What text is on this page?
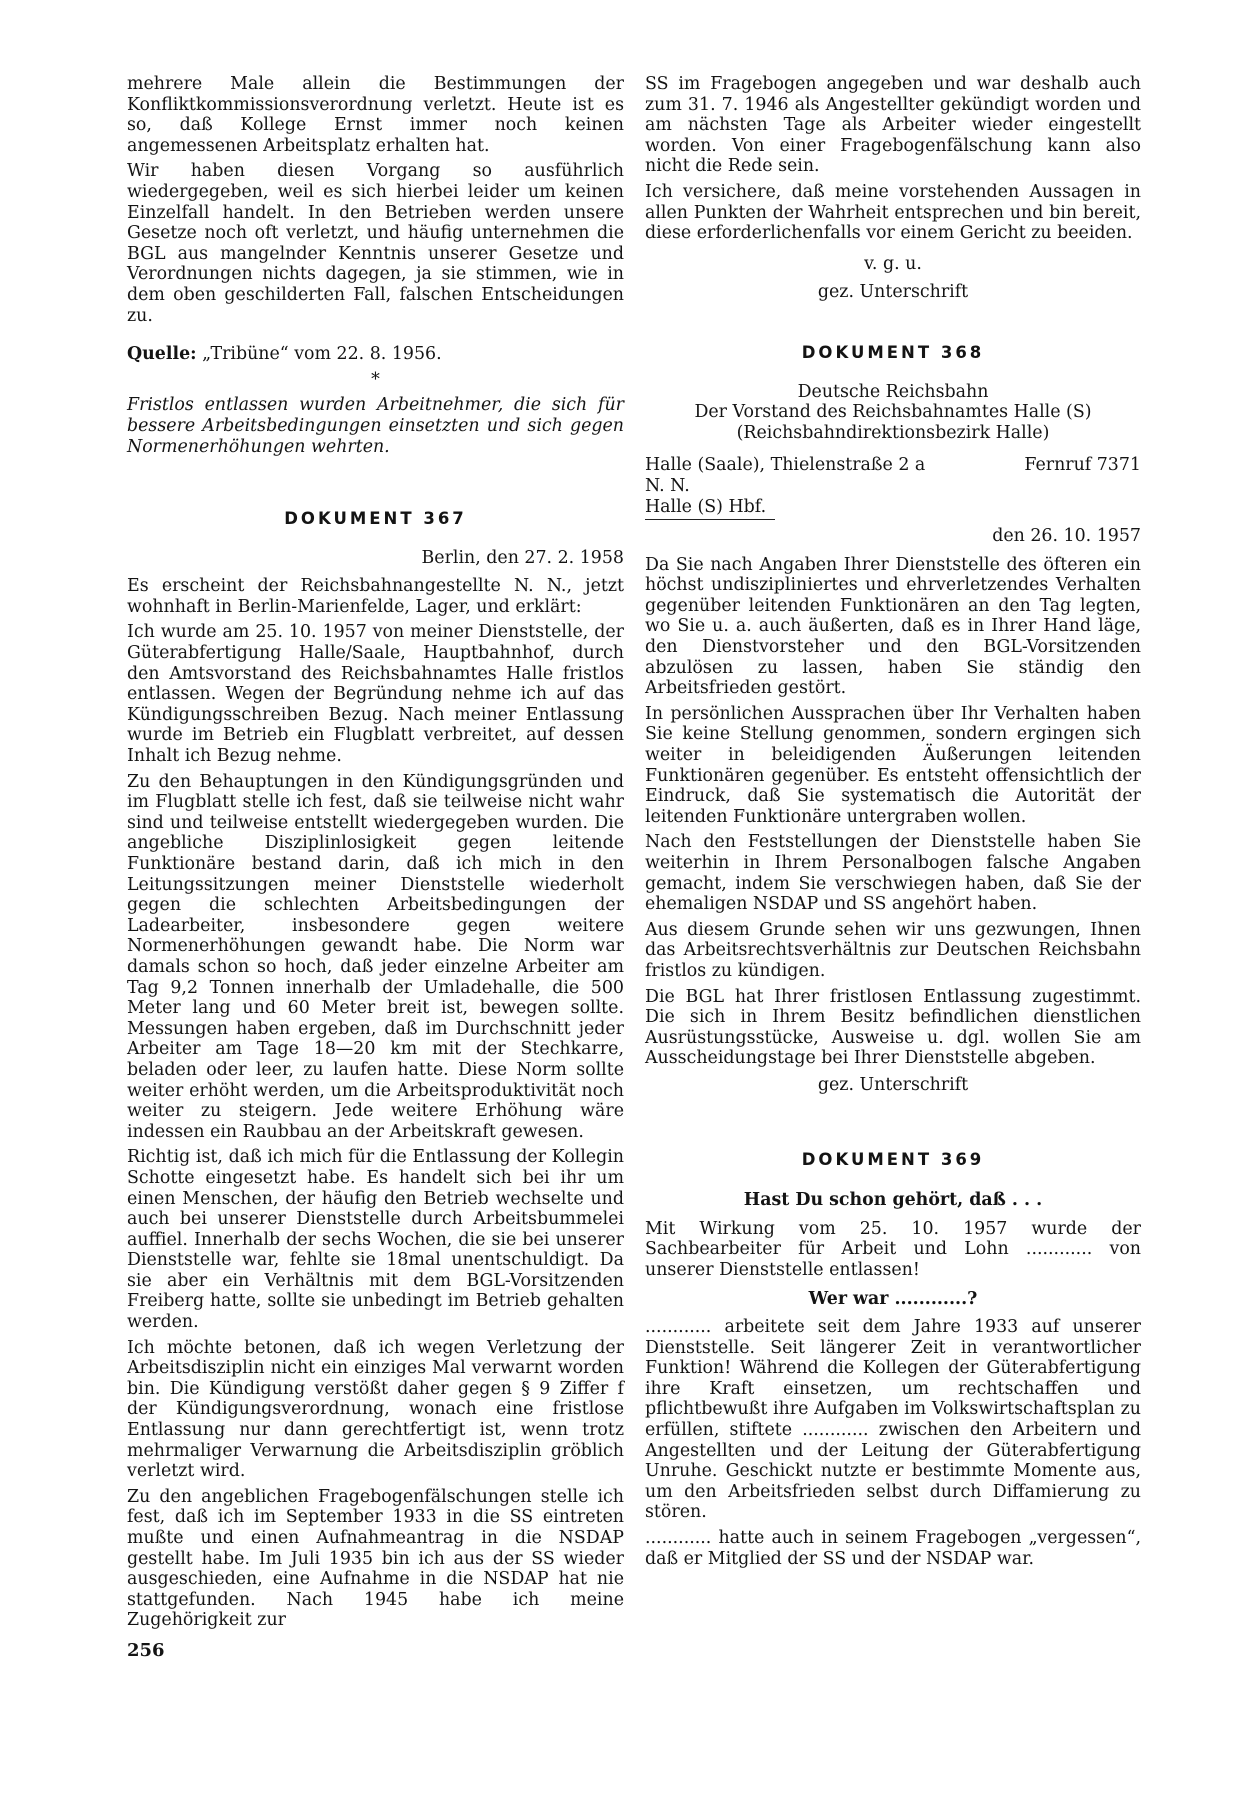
mehrere Male allein die Bestimmungen der Konfliktkommissionsverordnung verletzt. Heute ist es so, daß Kollege Ernst immer noch keinen angemessenen Arbeitsplatz erhalten hat.

Wir haben diesen Vorgang so ausführlich wiedergegeben, weil es sich hierbei leider um keinen Einzelfall handelt. In den Betrieben werden unsere Gesetze noch oft verletzt, und häufig unternehmen die BGL aus mangelnder Kenntnis unserer Gesetze und Verordnungen nichts dagegen, ja sie stimmen, wie in dem oben geschilderten Fall, falschen Entscheidungen zu.

Quelle: „Tribüne“ vom 22. 8. 1956.

*

Fristlos entlassen wurden Arbeitnehmer, die sich für bessere Arbeitsbedingungen einsetzten und sich gegen Normenerhöhungen wehrten.

DOKUMENT 367

Berlin, den 27. 2. 1958

Es erscheint der Reichsbahnangestellte N. N., jetzt wohnhaft in Berlin-Marienfelde, Lager, und erklärt:

Ich wurde am 25. 10. 1957 von meiner Dienststelle, der Güterabfertigung Halle/Saale, Hauptbahnhof, durch den Amtsvorstand des Reichsbahnamtes Halle fristlos entlassen. Wegen der Begründung nehme ich auf das Kündigungsschreiben Bezug. Nach meiner Entlassung wurde im Betrieb ein Flugblatt verbreitet, auf dessen Inhalt ich Bezug nehme.

Zu den Behauptungen in den Kündigungsgründen und im Flugblatt stelle ich fest, daß sie teilweise nicht wahr sind und teilweise entstellt wiedergegeben wurden. Die angebliche Disziplinlosigkeit gegen leitende Funktionäre bestand darin, daß ich mich in den Leitungssitzungen meiner Dienststelle wiederholt gegen die schlechten Arbeitsbedingungen der Ladearbeiter, insbesondere gegen weitere Normenerhöhungen gewandt habe. Die Norm war damals schon so hoch, daß jeder einzelne Arbeiter am Tag 9,2 Tonnen innerhalb der Umladehalle, die 500 Meter lang und 60 Meter breit ist, bewegen sollte. Messungen haben ergeben, daß im Durchschnitt jeder Arbeiter am Tage 18—20 km mit der Stechkarre, beladen oder leer, zu laufen hatte. Diese Norm sollte weiter erhöht werden, um die Arbeitsproduktivität noch weiter zu steigern. Jede weitere Erhöhung wäre indessen ein Raubbau an der Arbeitskraft gewesen.

Richtig ist, daß ich mich für die Entlassung der Kollegin Schotte eingesetzt habe. Es handelt sich bei ihr um einen Menschen, der häufig den Betrieb wechselte und auch bei unserer Dienststelle durch Arbeitsbummelei auffiel. Innerhalb der sechs Wochen, die sie bei unserer Dienststelle war, fehlte sie 18mal unentschuldigt. Da sie aber ein Verhältnis mit dem BGL-Vorsitzenden Freiberg hatte, sollte sie unbedingt im Betrieb gehalten werden.

Ich möchte betonen, daß ich wegen Verletzung der Arbeitsdisziplin nicht ein einziges Mal verwarnt worden bin. Die Kündigung verstößt daher gegen § 9 Ziffer f der Kündigungsverordnung, wonach eine fristlose Entlassung nur dann gerechtfertigt ist, wenn trotz mehrmaliger Verwarnung die Arbeitsdisziplin gröblich verletzt wird.

Zu den angeblichen Fragebogenfälschungen stelle ich fest, daß ich im September 1933 in die SS eintreten mußte und einen Aufnahmeantrag in die NSDAP gestellt habe. Im Juli 1935 bin ich aus der SS wieder ausgeschieden, eine Aufnahme in die NSDAP hat nie stattgefunden. Nach 1945 habe ich meine Zugehörigkeit zur

SS im Fragebogen angegeben und war deshalb auch zum 31. 7. 1946 als Angestellter gekündigt worden und am nächsten Tage als Arbeiter wieder eingestellt worden. Von einer Fragebogenfälschung kann also nicht die Rede sein.

Ich versichere, daß meine vorstehenden Aussagen in allen Punkten der Wahrheit entsprechen und bin bereit, diese erforderlichenfalls vor einem Gericht zu beeiden.

v. g. u.

gez. Unterschrift

DOKUMENT 368

Deutsche Reichsbahn

Der Vorstand des Reichsbahnamtes Halle (S)

(Reichsbahndirektionsbezirk Halle)

Halle (Saale), Thielenstraße 2 a	Fernruf 7371

N. N.

Halle (S) Hbf.

den 26. 10. 1957

Da Sie nach Angaben Ihrer Dienststelle des öfteren ein höchst undiszipliniertes und ehrverletzendes Verhalten gegenüber leitenden Funktionären an den Tag legten, wo Sie u. a. auch äußerten, daß es in Ihrer Hand läge, den Dienstvorsteher und den BGL-Vorsitzenden abzulösen zu lassen, haben Sie ständig den Arbeitsfrieden gestört.

In persönlichen Aussprachen über Ihr Verhalten haben Sie keine Stellung genommen, sondern ergingen sich weiter in beleidigenden Äußerungen leitenden Funktionären gegenüber. Es entsteht offensichtlich der Eindruck, daß Sie systematisch die Autorität der leitenden Funktionäre untergraben wollen.

Nach den Feststellungen der Dienststelle haben Sie weiterhin in Ihrem Personalbogen falsche Angaben gemacht, indem Sie verschwiegen haben, daß Sie der ehemaligen NSDAP und SS angehört haben.

Aus diesem Grunde sehen wir uns gezwungen, Ihnen das Arbeitsrechtsverhältnis zur Deutschen Reichsbahn fristlos zu kündigen.

Die BGL hat Ihrer fristlosen Entlassung zugestimmt. Die sich in Ihrem Besitz befindlichen dienstlichen Ausrüstungsstücke, Ausweise u. dgl. wollen Sie am Ausscheidungstage bei Ihrer Dienststelle abgeben.

gez. Unterschrift

DOKUMENT 369

Hast Du schon gehört, daß . . .

Mit Wirkung vom 25. 10. 1957 wurde der Sachbearbeiter für Arbeit und Lohn ............ von unserer Dienststelle entlassen!

Wer war ............?

............ arbeitete seit dem Jahre 1933 auf unserer Dienststelle. Seit längerer Zeit in verantwortlicher Funktion! Während die Kollegen der Güterabfertigung ihre Kraft einsetzen, um rechtschaffen und pflichtbewußt ihre Aufgaben im Volkswirtschaftsplan zu erfüllen, stiftete ............ zwischen den Arbeitern und Angestellten und der Leitung der Güterabfertigung Unruhe. Geschickt nutzte er bestimmte Momente aus, um den Arbeitsfrieden selbst durch Diffamierung zu stören.

............ hatte auch in seinem Fragebogen „vergessen“, daß er Mitglied der SS und der NSDAP war.

256
